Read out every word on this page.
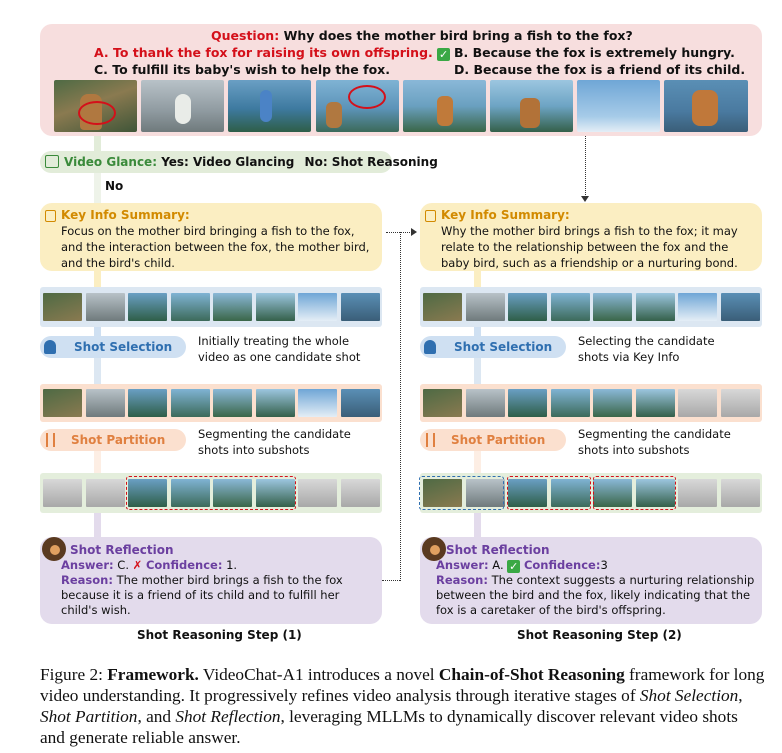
Question: Why does the mother bird bring a fish to the fox?
A. To thank the fox for raising its own offspring. ✓ B. Because the fox is extremely hungry.
C. To fulfill its baby's wish to help the fox.	D. Because the fox is a friend of its child.
Video Glance: Yes: Video Glancing No: Shot Reasoning
No
Key Info Summary:
Focus on the mother bird bringing a fish to the fox,
and the interaction between the fox, the mother bird,
and the bird's child.
Shot Selection Initially treating the whole
video as one candidate shot
Shot Partition	Segmenting the candidate
shots into subshots
Shot Reflection
Answer: C. ✗ Confidence: 1.
Reason: The mother bird brings a fish to the fox
because it is a friend of its child and to fulfill her
child's wish.
Shot Reasoning Step (1)
Key Info Summary:
Why the mother bird brings a fish to the fox; it may
relate to the relationship between the fox and the
baby bird, such as a friendship or a nurturing bond.
Shot Selection Selecting the candidate
shots via Key Info
Shot Partition	Segmenting the candidate
shots into subshots
Shot Reflection
Answer: A. ✓ Confidence:3
Reason: The context suggests a nurturing relationship
between the bird and the fox, likely indicating that the
fox is a caretaker of the bird's offspring.
Shot Reasoning Step (2)
Figure 2: Framework. VideoChat-A1 introduces a novel Chain-of-Shot Reasoning framework for long video understanding. It progressively refines video analysis through iterative stages of Shot Selection, Shot Partition, and Shot Reflection, leveraging MLLMs to dynamically discover relevant video shots and generate reliable answer.
